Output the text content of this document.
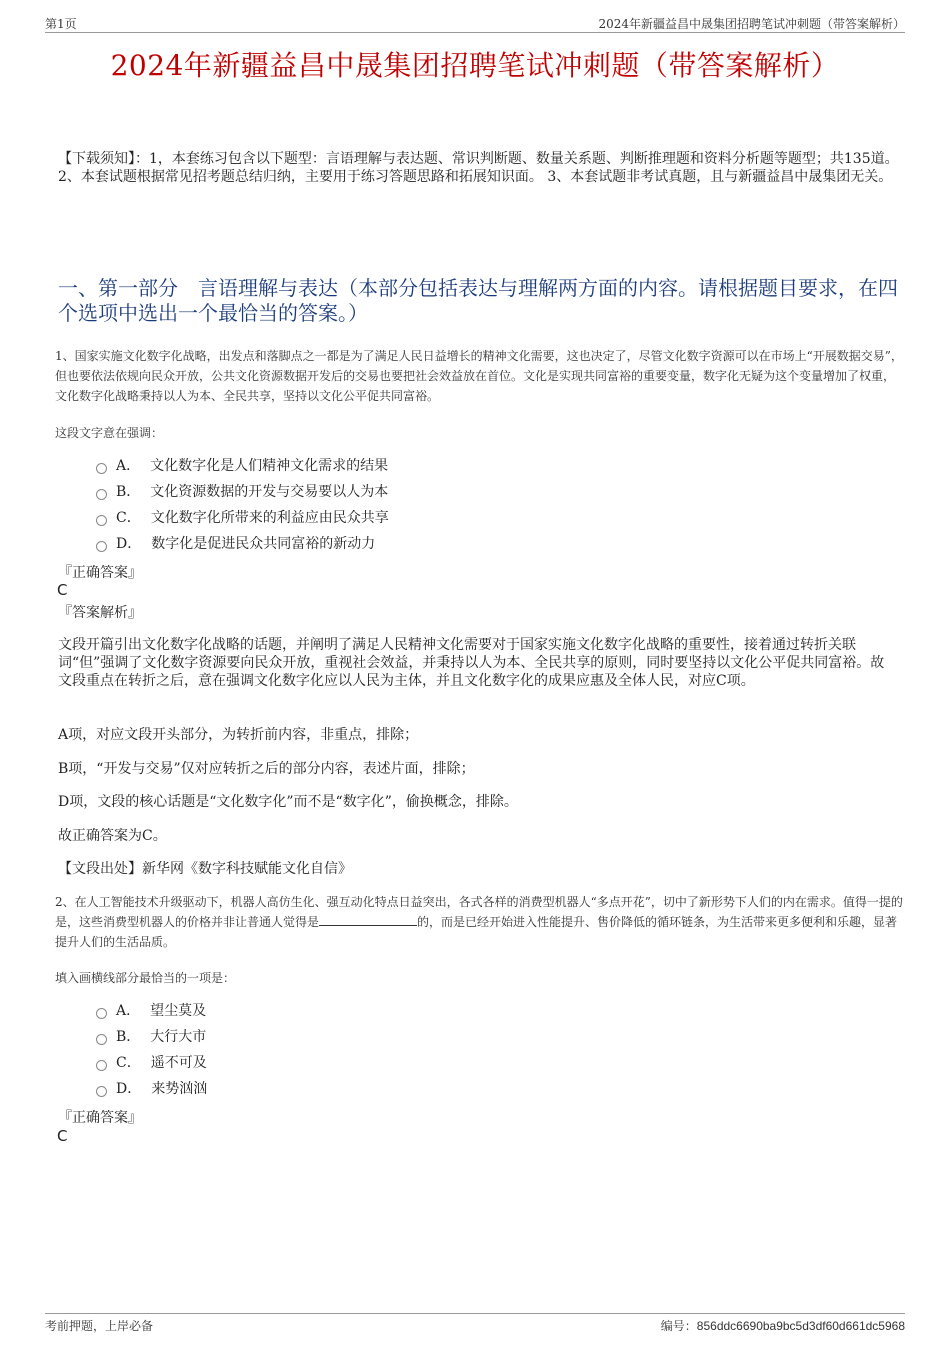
第1页	2024年新疆益昌中晟集团招聘笔试冲刺题（带答案解析）
2024年新疆益昌中晟集团招聘笔试冲刺题（带答案解析）
【下载须知】：1，本套练习包含以下题型：言语理解与表达题、常识判断题、数量关系题、判断推理题和资料分析题等题型；共135道。 2、本套试题根据常见招考题总结归纳，主要用于练习答题思路和拓展知识面。 3、本套试题非考试真题，且与新疆益昌中晟集团无关。
一、第一部分　言语理解与表达（本部分包括表达与理解两方面的内容。请根据题目要求，在四个选项中选出一个最恰当的答案。）
1、国家实施文化数字化战略，出发点和落脚点之一都是为了满足人民日益增长的精神文化需要，这也决定了，尽管文化数字资源可以在市场上“开展数据交易”，但也要依法依规向民众开放，公共文化资源数据开发后的交易也要把社会效益放在首位。文化是实现共同富裕的重要变量，数字化无疑为这个变量增加了权重，文化数字化战略秉持以人为本、全民共享，坚持以文化公平促共同富裕。
这段文字意在强调：
A． 文化数字化是人们精神文化需求的结果
B． 文化资源数据的开发与交易要以人为本
C． 文化数字化所带来的利益应由民众共享
D． 数字化是促进民众共同富裕的新动力
『正确答案』
C
『答案解析』
文段开篇引出文化数字化战略的话题，并阐明了满足人民精神文化需要对于国家实施文化数字化战略的重要性，接着通过转折关联词“但”强调了文化数字资源要向民众开放，重视社会效益，并秉持以人为本、全民共享的原则，同时要坚持以文化公平促共同富裕。故文段重点在转折之后，意在强调文化数字化应以人民为主体，并且文化数字化的成果应惠及全体人民，对应C项。
A项，对应文段开头部分，为转折前内容，非重点，排除；
B项，“开发与交易”仅对应转折之后的部分内容，表述片面，排除；
D项，文段的核心话题是“文化数字化”而不是“数字化”，偷换概念，排除。
故正确答案为C。
【文段出处】新华网《数字科技赋能文化自信》
2、在人工智能技术升级驱动下，机器人高仿生化、强互动化特点日益突出，各式各样的消费型机器人“多点开花”，切中了新形势下人们的内在需求。值得一提的是，这些消费型机器人的价格并非让普通人觉得是	的，而是已经开始进入性能提升、售价降低的循环链条，为生活带来更多便利和乐趣，显著提升人们的生活品质。
填入画横线部分最恰当的一项是：
A． 望尘莫及
B． 大行大市
C． 遥不可及
D． 来势汹汹
『正确答案』
C
考前押题，上岸必备	编号：856ddc6690ba9bc5d3df60d661dc5968
